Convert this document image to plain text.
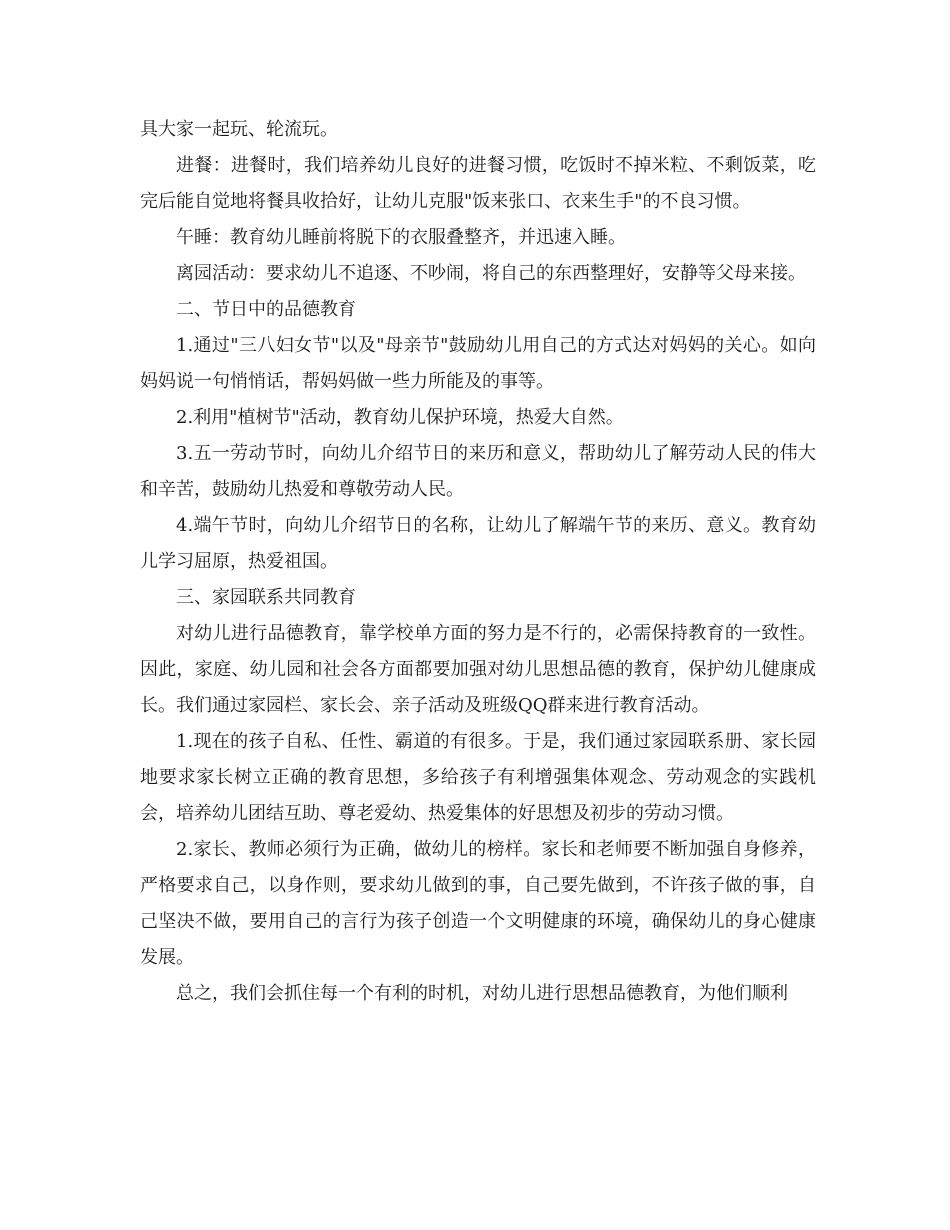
具大家一起玩、轮流玩。

进餐：进餐时，我们培养幼儿良好的进餐习惯，吃饭时不掉米粒、不剩饭菜，吃完后能自觉地将餐具收拾好，让幼儿克服"饭来张口、衣来生手"的不良习惯。

午睡：教育幼儿睡前将脱下的衣服叠整齐，并迅速入睡。

离园活动：要求幼儿不追逐、不吵闹，将自己的东西整理好，安静等父母来接。

二、节日中的品德教育

1.通过"三八妇女节"以及"母亲节"鼓励幼儿用自己的方式达对妈妈的关心。如向妈妈说一句悄悄话，帮妈妈做一些力所能及的事等。

2.利用"植树节"活动，教育幼儿保护环境，热爱大自然。

3.五一劳动节时，向幼儿介绍节日的来历和意义，帮助幼儿了解劳动人民的伟大和辛苦，鼓励幼儿热爱和尊敬劳动人民。

4.端午节时，向幼儿介绍节日的名称，让幼儿了解端午节的来历、意义。教育幼儿学习屈原，热爱祖国。

三、家园联系共同教育

对幼儿进行品德教育，靠学校单方面的努力是不行的，必需保持教育的一致性。因此，家庭、幼儿园和社会各方面都要加强对幼儿思想品德的教育，保护幼儿健康成长。我们通过家园栏、家长会、亲子活动及班级QQ群来进行教育活动。

1.现在的孩子自私、任性、霸道的有很多。于是，我们通过家园联系册、家长园地要求家长树立正确的教育思想，多给孩子有利增强集体观念、劳动观念的实践机会，培养幼儿团结互助、尊老爱幼、热爱集体的好思想及初步的劳动习惯。

2.家长、教师必须行为正确，做幼儿的榜样。家长和老师要不断加强自身修养，严格要求自己，以身作则，要求幼儿做到的事，自己要先做到，不许孩子做的事，自己坚决不做，要用自己的言行为孩子创造一个文明健康的环境，确保幼儿的身心健康发展。

总之，我们会抓住每一个有利的时机，对幼儿进行思想品德教育，为他们顺利
